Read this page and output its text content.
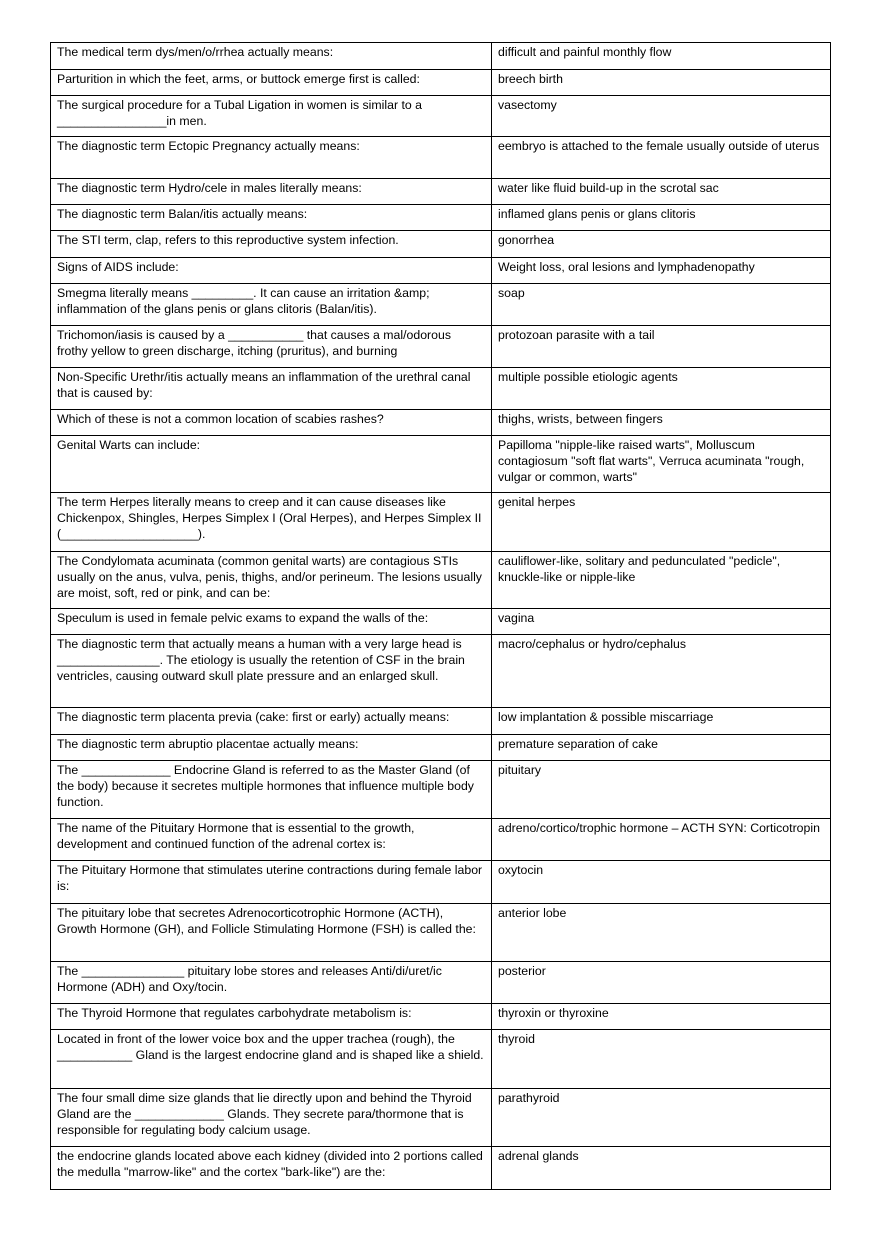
The medical term dys/men/o/rrhea actually means:	difficult and painful monthly flow
Parturition in which the feet, arms, or buttock emerge first is called:	breech birth
The surgical procedure for a Tubal Ligation in women is similar to a ________________in men.	vasectomy
The diagnostic term Ectopic Pregnancy actually means:	eembryo is attached to the female usually outside of uterus
The diagnostic term Hydro/cele in males literally means:	water like fluid build-up in the scrotal sac
The diagnostic term Balan/itis actually means:	inflamed glans penis or glans clitoris
The STI term, clap, refers to this reproductive system infection.	gonorrhea
Signs of AIDS include:	Weight loss, oral lesions and lymphadenopathy
Smegma literally means _________. It can cause an irritation &amp; inflammation of the glans penis or glans clitoris (Balan/itis).	soap
Trichomon/iasis is caused by a ___________ that causes a mal/odorous frothy yellow to green discharge, itching (pruritus), and burning	protozoan parasite with a tail
Non-Specific Urethr/itis actually means an inflammation of the urethral canal that is caused by:	multiple possible etiologic agents
Which of these is not a common location of scabies rashes?	thighs, wrists, between fingers
Genital Warts can include:	Papilloma "nipple-like raised warts", Molluscum contagiosum "soft flat warts", Verruca acuminata "rough, vulgar or common, warts"
The term Herpes literally means to creep and it can cause diseases like Chickenpox, Shingles, Herpes Simplex I (Oral Herpes), and Herpes Simplex II (____________________).	genital herpes
The Condylomata acuminata (common genital warts) are contagious STIs usually on the anus, vulva, penis, thighs, and/or perineum. The lesions usually are moist, soft, red or pink, and can be:	cauliflower-like, solitary and pedunculated "pedicle", knuckle-like or nipple-like
Speculum is used in female pelvic exams to expand the walls of the:	vagina
The diagnostic term that actually means a human with a very large head is _______________. The etiology is usually the retention of CSF in the brain ventricles, causing outward skull plate pressure and an enlarged skull.	macro/cephalus or hydro/cephalus
The diagnostic term placenta previa (cake: first or early) actually means:	low implantation & possible miscarriage
The diagnostic term abruptio placentae actually means:	premature separation of cake
The _____________ Endocrine Gland is referred to as the Master Gland (of the body) because it secretes multiple hormones that influence multiple body function.	pituitary
The name of the Pituitary Hormone that is essential to the growth, development and continued function of the adrenal cortex is:	adreno/cortico/trophic hormone – ACTH SYN: Corticotropin
The Pituitary Hormone that stimulates uterine contractions during female labor is:	oxytocin
The pituitary lobe that secretes Adrenocorticotrophic Hormone (ACTH), Growth Hormone (GH), and Follicle Stimulating Hormone (FSH) is called the:	anterior lobe
The _______________ pituitary lobe stores and releases Anti/di/uret/ic Hormone (ADH) and Oxy/tocin.	posterior
The Thyroid Hormone that regulates carbohydrate metabolism is:	thyroxin or thyroxine
Located in front of the lower voice box and the upper trachea (rough), the ___________ Gland is the largest endocrine gland and is shaped like a shield.	thyroid
The four small dime size glands that lie directly upon and behind the Thyroid Gland are the _____________ Glands. They secrete para/thormone that is responsible for regulating body calcium usage.	parathyroid
the endocrine glands located above each kidney (divided into 2 portions called the medulla "marrow-like" and the cortex "bark-like") are the:	adrenal glands
